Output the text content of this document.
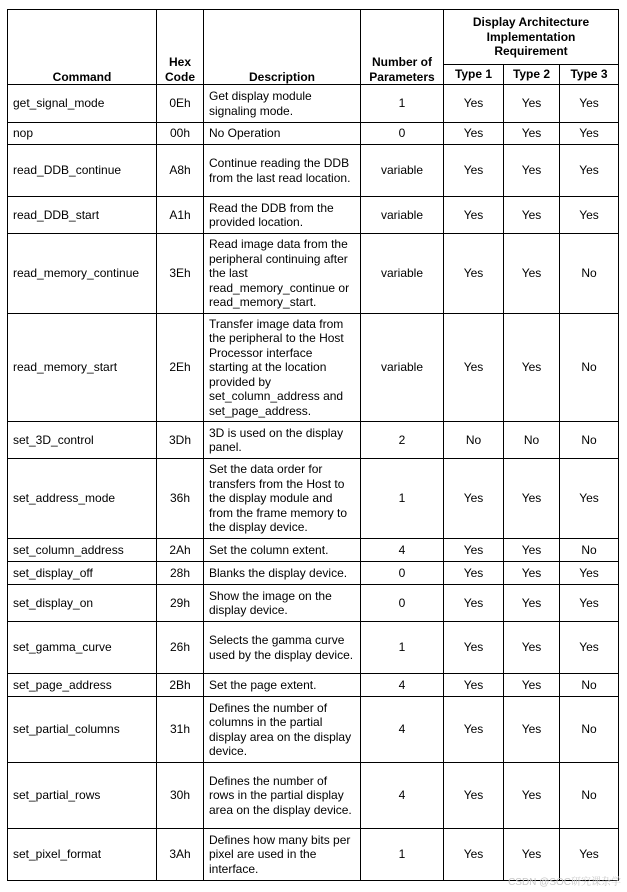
Command	Hex Code	Description	Number of Parameters	Display Architecture Implementation Requirement		
				Type 1	Type 2	Type 3
get_signal_mode	0Eh	Get display module signaling mode.	1	Yes	Yes	Yes
nop	00h	No Operation	0	Yes	Yes	Yes
read_DDB_continue	A8h	Continue reading the DDB from the last read location.	variable	Yes	Yes	Yes
read_DDB_start	A1h	Read the DDB from the provided location.	variable	Yes	Yes	Yes
read_memory_continue	3Eh	Read image data from the peripheral continuing after the last read_memory_continue or read_memory_start.	variable	Yes	Yes	No
read_memory_start	2Eh	Transfer image data from the peripheral to the Host Processor interface starting at the location provided by set_column_address and set_page_address.	variable	Yes	Yes	No
set_3D_control	3Dh	3D is used on the display panel.	2	No	No	No
set_address_mode	36h	Set the data order for transfers from the Host to the display module and from the frame memory to the display device.	1	Yes	Yes	Yes
set_column_address	2Ah	Set the column extent.	4	Yes	Yes	No
set_display_off	28h	Blanks the display device.	0	Yes	Yes	Yes
set_display_on	29h	Show the image on the display device.	0	Yes	Yes	Yes
set_gamma_curve	26h	Selects the gamma curve used by the display device.	1	Yes	Yes	Yes
set_page_address	2Bh	Set the page extent.	4	Yes	Yes	No
set_partial_columns	31h	Defines the number of columns in the partial display area on the display device.	4	Yes	Yes	No
set_partial_rows	30h	Defines the number of rows in the partial display area on the display device.	4	Yes	Yes	No
set_pixel_format	3Ah	Defines how many bits per pixel are used in the interface.	1	Yes	Yes	Yes
CSDN @SOC研究课杂学
